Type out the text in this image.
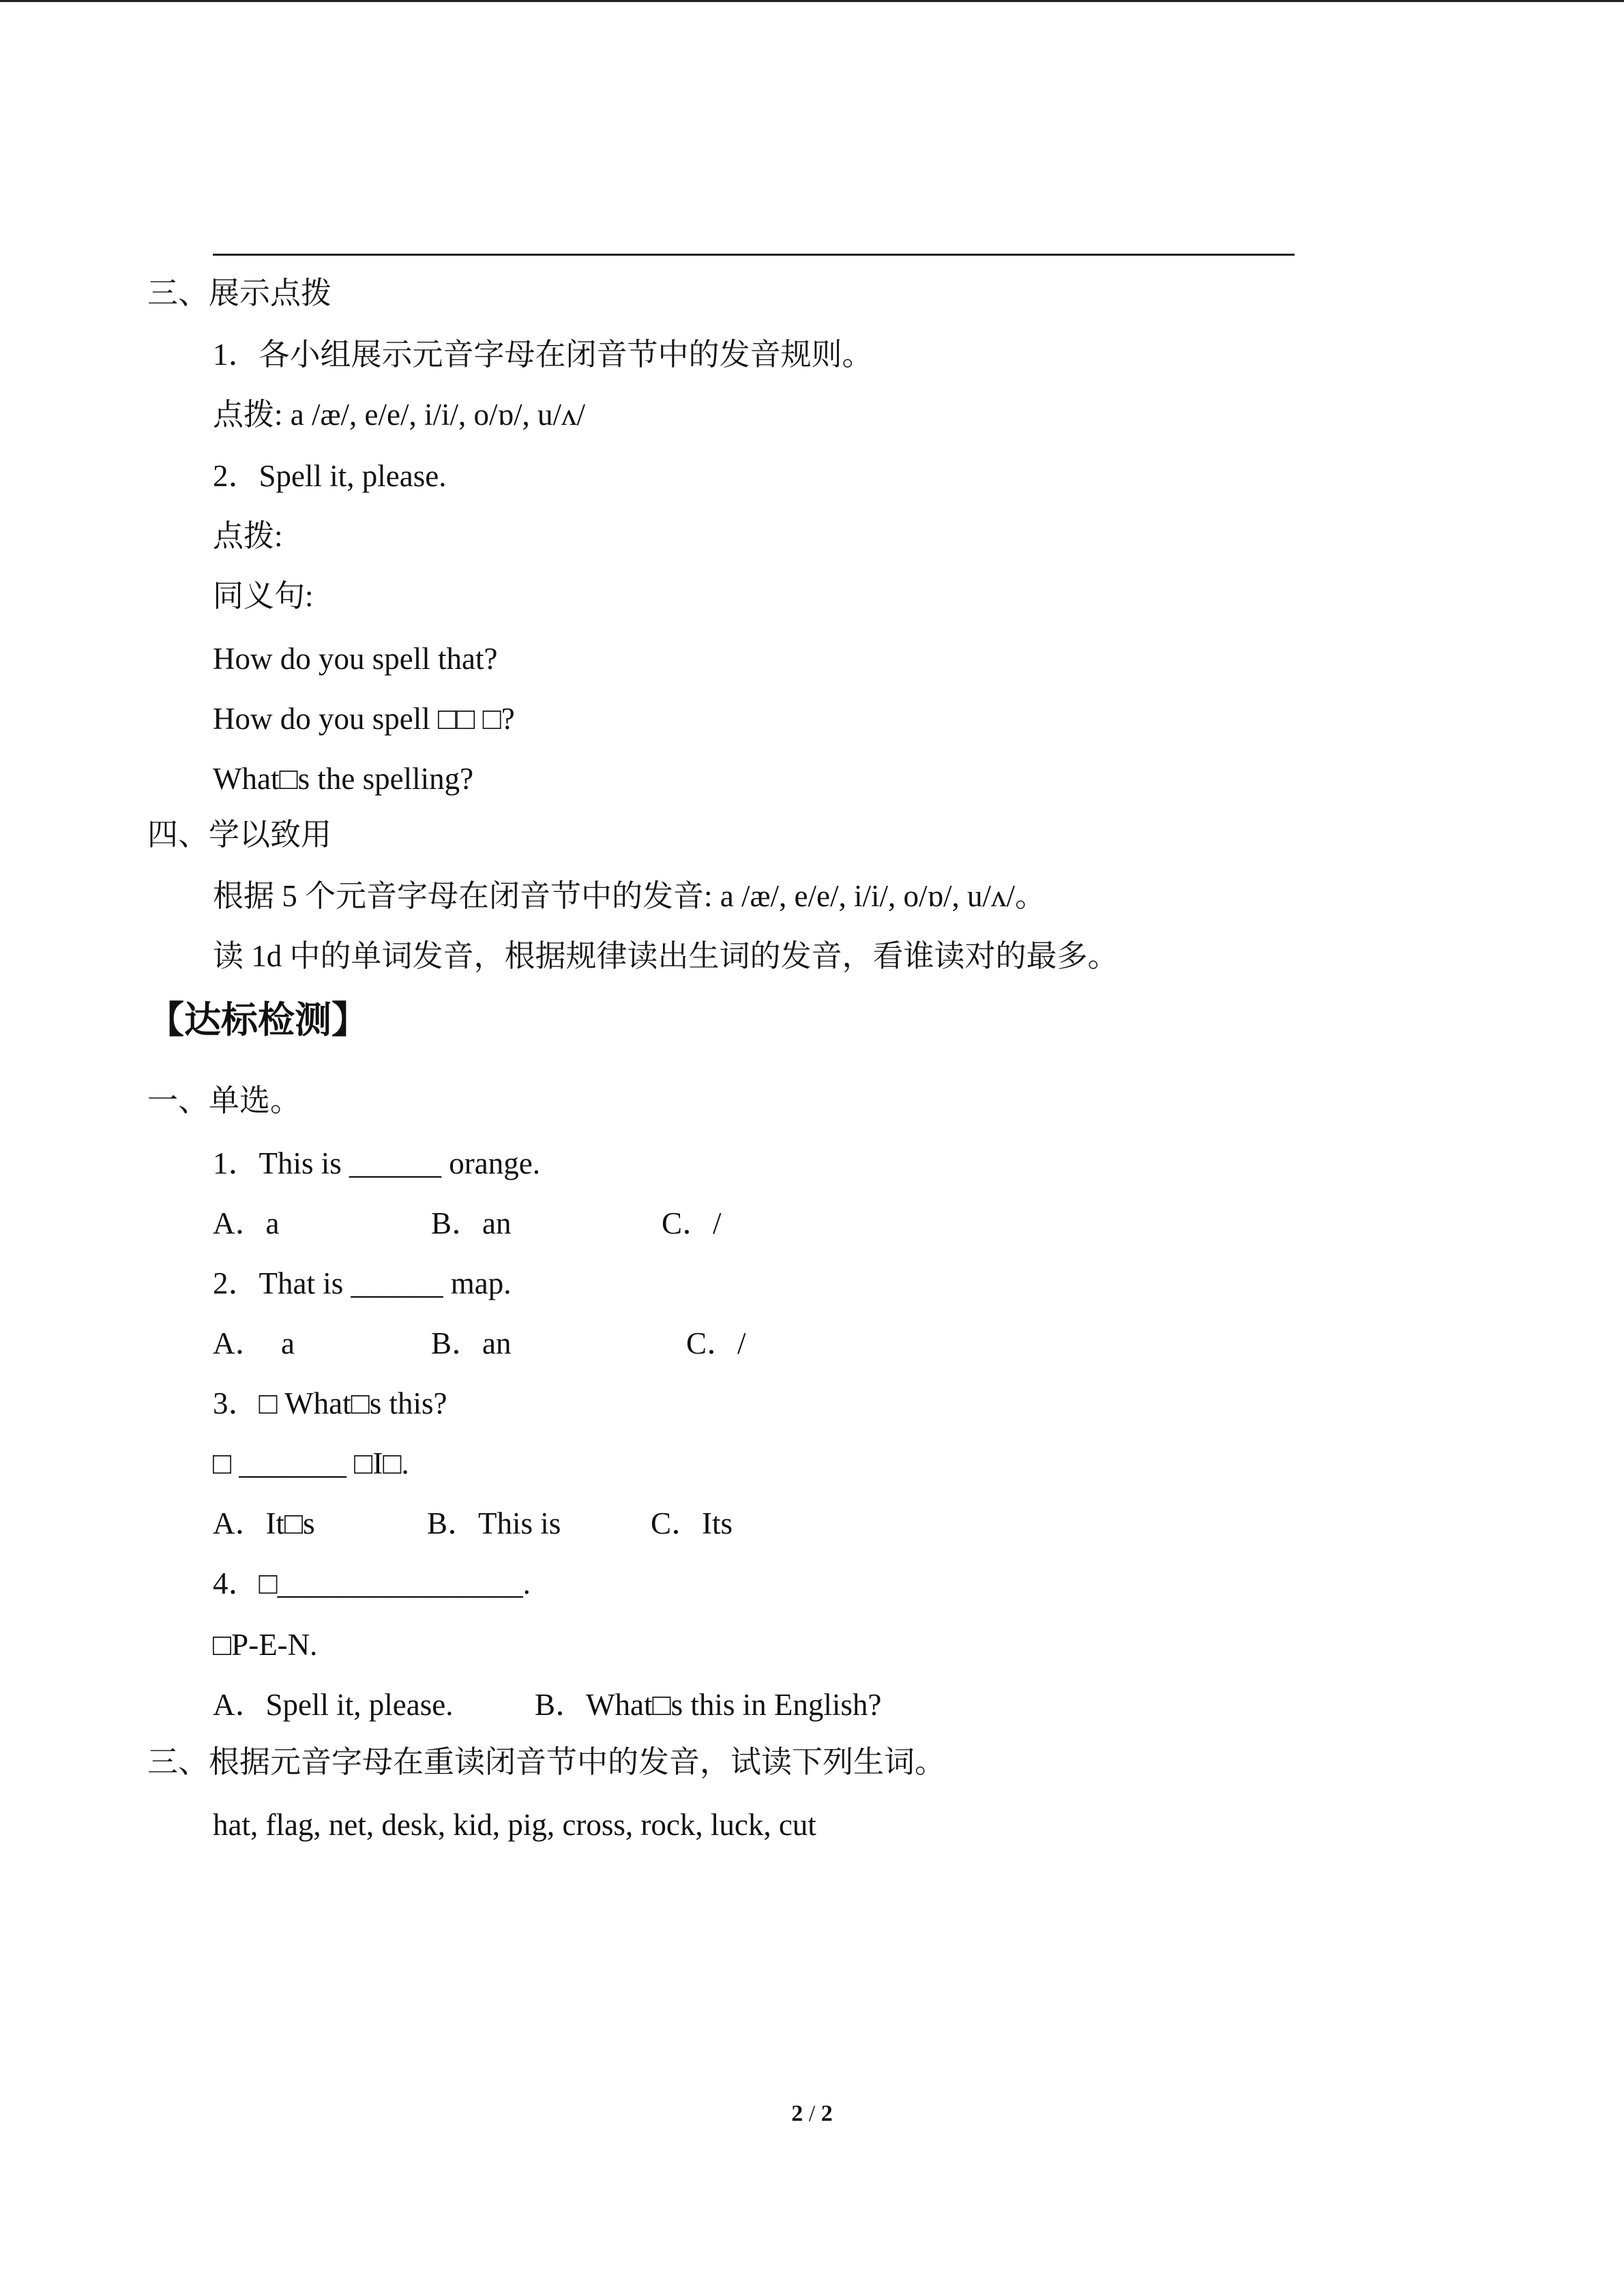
三、展示点拨
1．各小组展示元音字母在闭音节中的发音规则。
点拨: a /æ/, e/e/, i/i/, o/ɒ/, u/ʌ/
2．Spell it, please.
点拨:
同义句:
How do you spell that?
How do you spell □□ □?
What□s the spelling?
四、学以致用
根据 5 个元音字母在闭音节中的发音: a /æ/, e/e/, i/i/, o/ɒ/, u/ʌ/。
读 1d 中的单词发音，根据规律读出生词的发音，看谁读对的最多。
【达标检测】
一、单选。
1．This is ______ orange.
A．a	B．an	C．/
2．That is ______ map.
A．  a	B．an	C．/
3．□ What□s this?
□ _______ □I□.
A．It□s	B．This is	C．Its
4．□________________.
□P-E-N.
A．Spell it, please.	B．What□s this in English?
三、根据元音字母在重读闭音节中的发音，试读下列生词。
hat, flag, net, desk, kid, pig, cross, rock, luck, cut
2 / 2
